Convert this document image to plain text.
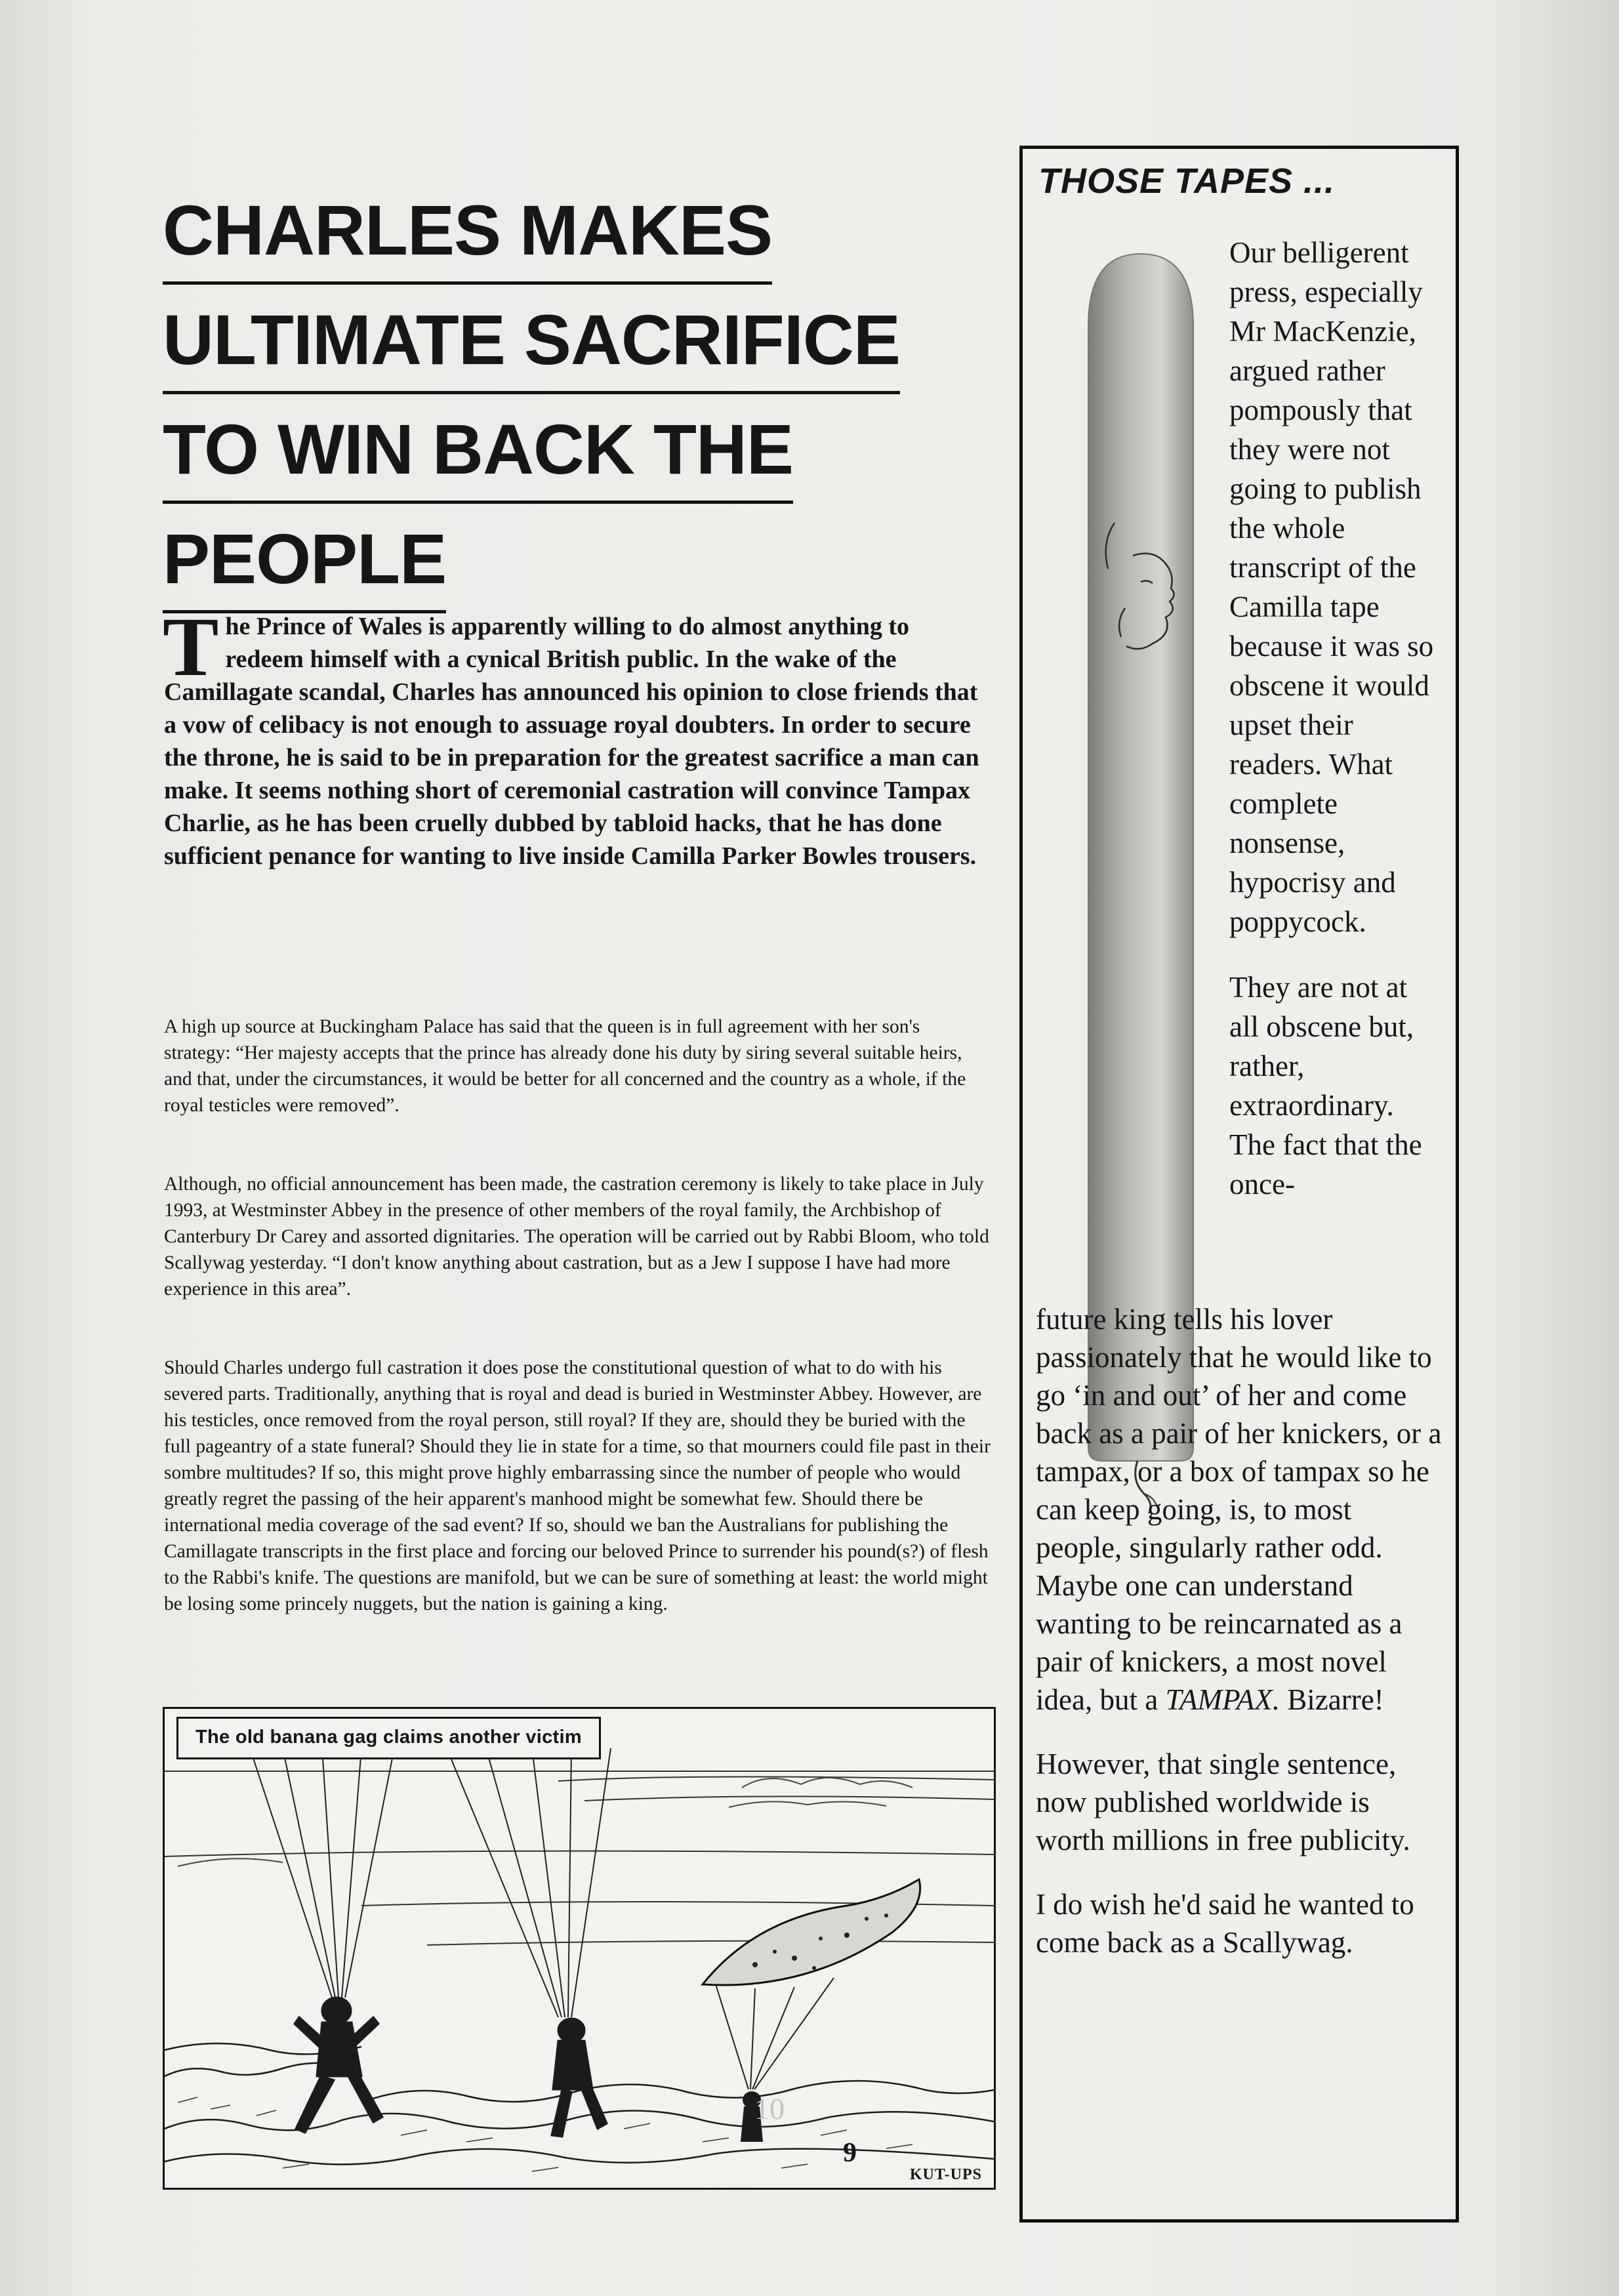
CHARLES MAKES
ULTIMATE SACRIFICE
TO WIN BACK THE
PEOPLE
The Prince of Wales is apparently willing to do almost anything to redeem himself with a cynical British public. In the wake of the Camillagate scandal, Charles has announced his opinion to close friends that a vow of celibacy is not enough to assuage royal doubters. In order to secure the throne, he is said to be in preparation for the greatest sacrifice a man can make. It seems nothing short of ceremonial castration will convince Tampax Charlie, as he has been cruelly dubbed by tabloid hacks, that he has done sufficient penance for wanting to live inside Camilla Parker Bowles trousers.
A high up source at Buckingham Palace has said that the queen is in full agreement with her son's strategy: “Her majesty accepts that the prince has already done his duty by siring several suitable heirs, and that, under the circumstances, it would be better for all concerned and the country as a whole, if the royal testicles were removed”.
Although, no official announcement has been made, the castration ceremony is likely to take place in July 1993, at Westminster Abbey in the presence of other members of the royal family, the Archbishop of Canterbury Dr Carey and assorted dignitaries. The operation will be carried out by Rabbi Bloom, who told Scallywag yesterday. “I don't know anything about castration, but as a Jew I suppose I have had more experience in this area”.
Should Charles undergo full castration it does pose the constitutional question of what to do with his severed parts. Traditionally, anything that is royal and dead is buried in Westminster Abbey. However, are his testicles, once removed from the royal person, still royal? If they are, should they be buried with the full pageantry of a state funeral? Should they lie in state for a time, so that mourners could file past in their sombre multitudes? If so, this might prove highly embarrassing since the number of people who would greatly regret the passing of the heir apparent's manhood might be somewhat few. Should there be international media coverage of the sad event? If so, should we ban the Australians for publishing the Camillagate transcripts in the first place and forcing our beloved Prince to surrender his pound(s?) of flesh to the Rabbi's knife. The questions are manifold, but we can be sure of something at least: the world might be losing some princely nuggets, but the nation is gaining a king.
The old banana gag claims another victim
KUT-UPS
THOSE TAPES ...

Our belligerent press, especially Mr MacKenzie, argued rather pompously that they were not going to publish the whole transcript of the Camilla tape because it was so obscene it would upset their readers. What complete nonsense, hypocrisy and poppycock.

They are not at all obscene but, rather, extraordinary. The fact that the once-

future king tells his lover passionately that he would like to go ‘in and out’ of her and come back as a pair of her knickers, or a tampax, or a box of tampax so he can keep going, is, to most people, singularly rather odd. Maybe one can understand wanting to be reincarnated as a pair of knickers, a most novel idea, but a TAMPAX. Bizarre!

However, that single sentence, now published worldwide is worth millions in free publicity.

I do wish he'd said he wanted to come back as a Scallywag.

10
9
